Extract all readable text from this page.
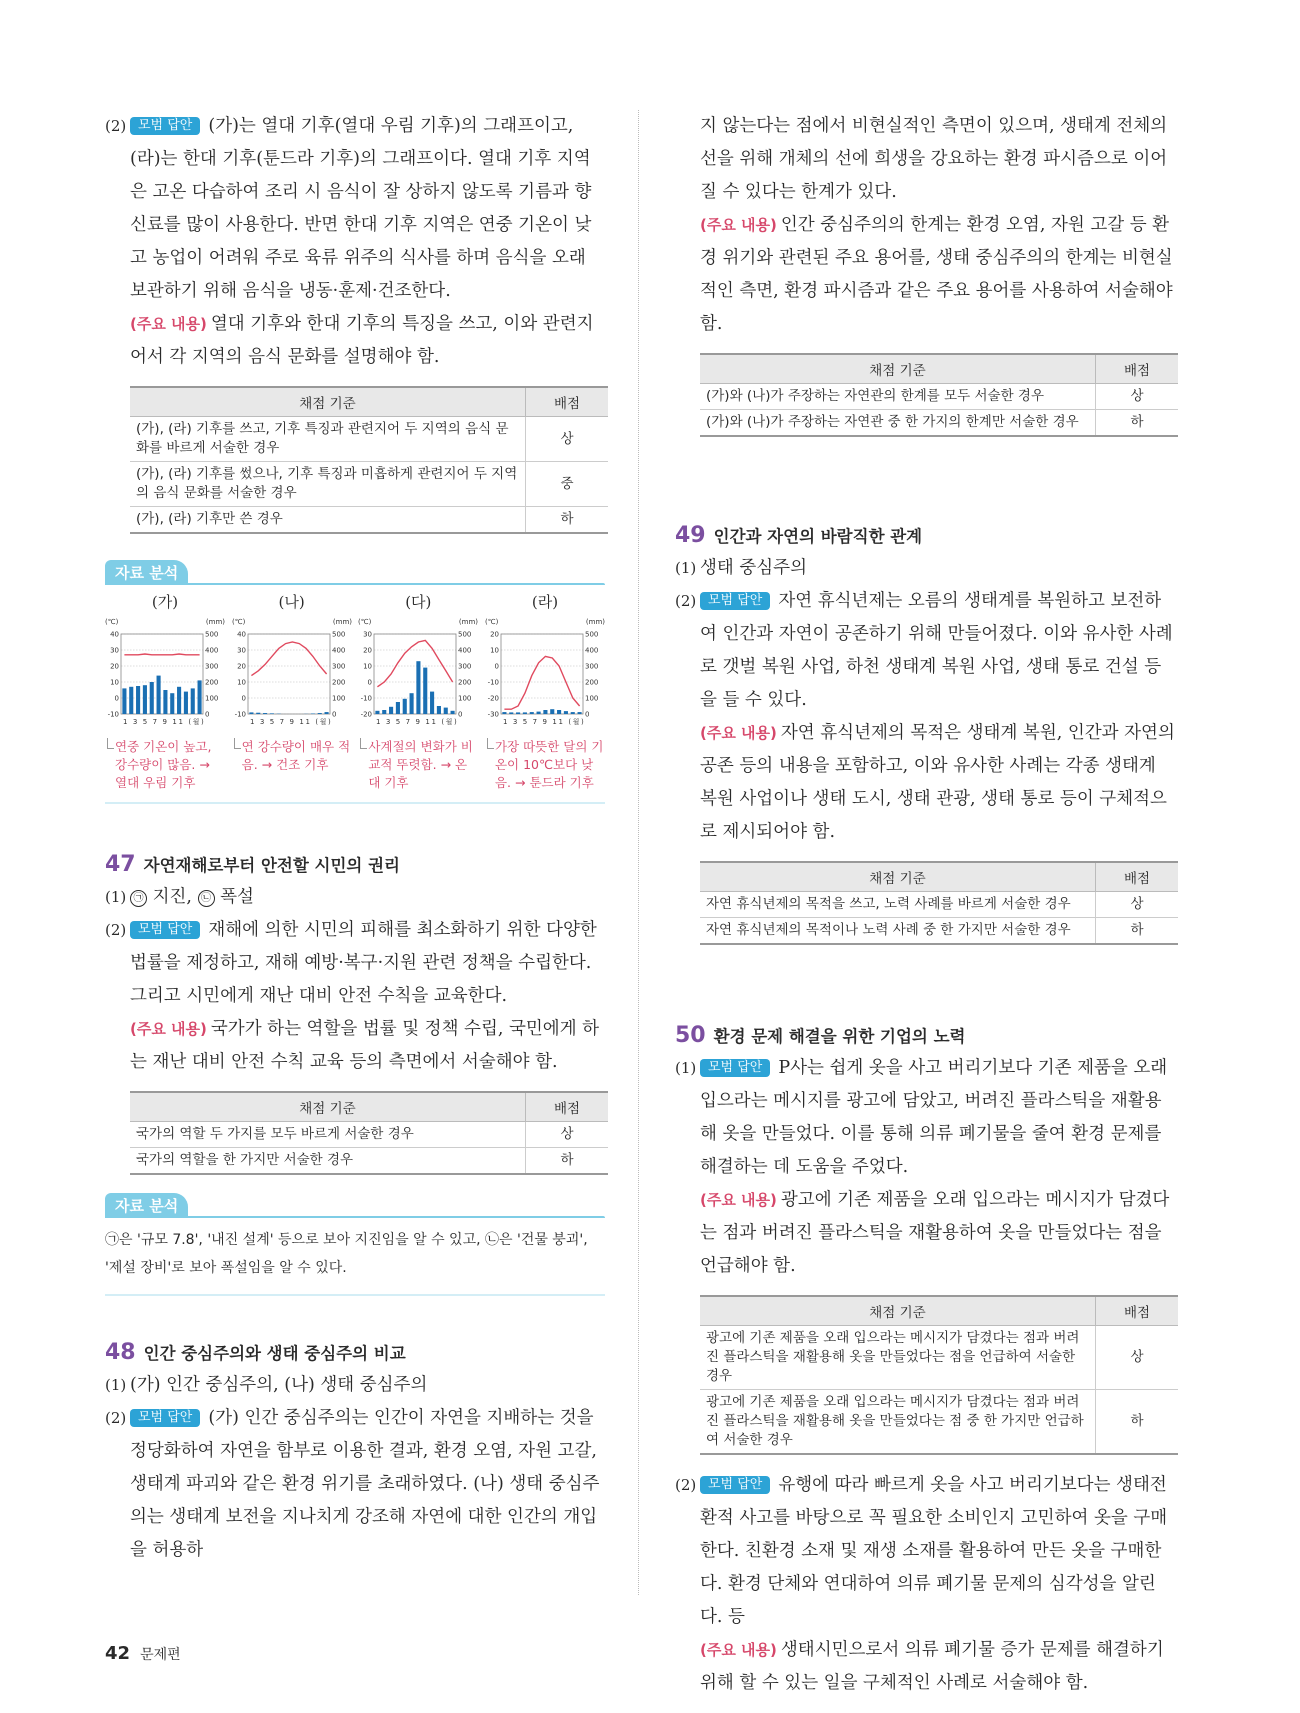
(2) 모범 답안 (가)는 열대 기후(열대 우림 기후)의 그래프이고, (라)는 한대 기후(툰드라 기후)의 그래프이다. 열대 기후 지역은 고온 다습하여 조리 시 음식이 잘 상하지 않도록 기름과 향신료를 많이 사용한다. 반면 한대 기후 지역은 연중 기온이 낮고 농업이 어려워 주로 육류 위주의 식사를 하며 음식을 오래 보관하기 위해 음식을 냉동·훈제·건조한다.

(주요 내용) 열대 기후와 한대 기후의 특징을 쓰고, 이와 관련지어서 각 지역의 음식 문화를 설명해야 함.

채점 기준	배점
(가), (라) 기후를 쓰고, 기후 특징과 관련지어 두 지역의 음식 문화를 바르게 서술한 경우	상
(가), (라) 기후를 썼으나, 기후 특징과 미흡하게 관련지어 두 지역의 음식 문화를 서술한 경우	중
(가), (라) 기후만 쓴 경우	하
자료 분석
(가)
(℃)	(mm)
40	500
30	400
20	300
10	200
0	100
-10	0
1 3 5 7 9 11 (월)
연중 기온이 높고, 강수량이 많음. → 열대 우림 기후
(나)
(℃)	(mm)
40	500
30	400
20	300
10	200
0	100
-10	0
1 3 5 7 9 11 (월)
연 강수량이 매우 적음. → 건조 기후
(다)
(℃)	(mm)
30	500
20	400
10	300
0	200
-10	100
-20	0
1 3 5 7 9 11 (월)
사계절의 변화가 비교적 뚜렷함. → 온대 기후
(라)
(℃)	(mm)
20	500
10	400
0	300
-10	200
-20	100
-30	0
1 3 5 7 9 11 (월)
가장 따뜻한 달의 기온이 10℃보다 낮음. → 툰드라 기후
47 자연재해로부터 안전할 시민의 권리

(1) ㉠ 지진, ㉡ 폭설

(2) 모범 답안 재해에 의한 시민의 피해를 최소화하기 위한 다양한 법률을 제정하고, 재해 예방·복구·지원 관련 정책을 수립한다. 그리고 시민에게 재난 대비 안전 수칙을 교육한다.

(주요 내용) 국가가 하는 역할을 법률 및 정책 수립, 국민에게 하는 재난 대비 안전 수칙 교육 등의 측면에서 서술해야 함.

채점 기준	배점
국가의 역할 두 가지를 모두 바르게 서술한 경우	상
국가의 역할을 한 가지만 서술한 경우	하
자료 분석
㉠은 '규모 7.8', '내진 설계' 등으로 보아 지진임을 알 수 있고, ㉡은 '건물 붕괴', '제설 장비'로 보아 폭설임을 알 수 있다.
48 인간 중심주의와 생태 중심주의 비교

(1) (가) 인간 중심주의, (나) 생태 중심주의

(2) 모범 답안 (가) 인간 중심주의는 인간이 자연을 지배하는 것을 정당화하여 자연을 함부로 이용한 결과, 환경 오염, 자원 고갈, 생태계 파괴와 같은 환경 위기를 초래하였다. (나) 생태 중심주의는 생태계 보전을 지나치게 강조해 자연에 대한 인간의 개입을 허용하

지 않는다는 점에서 비현실적인 측면이 있으며, 생태계 전체의 선을 위해 개체의 선에 희생을 강요하는 환경 파시즘으로 이어질 수 있다는 한계가 있다.

(주요 내용) 인간 중심주의의 한계는 환경 오염, 자원 고갈 등 환경 위기와 관련된 주요 용어를, 생태 중심주의의 한계는 비현실적인 측면, 환경 파시즘과 같은 주요 용어를 사용하여 서술해야 함.

채점 기준	배점
(가)와 (나)가 주장하는 자연관의 한계를 모두 서술한 경우	상
(가)와 (나)가 주장하는 자연관 중 한 가지의 한계만 서술한 경우	하
49 인간과 자연의 바람직한 관계

(1) 생태 중심주의

(2) 모범 답안 자연 휴식년제는 오름의 생태계를 복원하고 보전하여 인간과 자연이 공존하기 위해 만들어졌다. 이와 유사한 사례로 갯벌 복원 사업, 하천 생태계 복원 사업, 생태 통로 건설 등을 들 수 있다.

(주요 내용) 자연 휴식년제의 목적은 생태계 복원, 인간과 자연의 공존 등의 내용을 포함하고, 이와 유사한 사례는 각종 생태계 복원 사업이나 생태 도시, 생태 관광, 생태 통로 등이 구체적으로 제시되어야 함.

채점 기준	배점
자연 휴식년제의 목적을 쓰고, 노력 사례를 바르게 서술한 경우	상
자연 휴식년제의 목적이나 노력 사례 중 한 가지만 서술한 경우	하
50 환경 문제 해결을 위한 기업의 노력

(1) 모범 답안 P사는 쉽게 옷을 사고 버리기보다 기존 제품을 오래 입으라는 메시지를 광고에 담았고, 버려진 플라스틱을 재활용해 옷을 만들었다. 이를 통해 의류 폐기물을 줄여 환경 문제를 해결하는 데 도움을 주었다.

(주요 내용) 광고에 기존 제품을 오래 입으라는 메시지가 담겼다는 점과 버려진 플라스틱을 재활용하여 옷을 만들었다는 점을 언급해야 함.

채점 기준	배점
광고에 기존 제품을 오래 입으라는 메시지가 담겼다는 점과 버려진 플라스틱을 재활용해 옷을 만들었다는 점을 언급하여 서술한 경우	상
광고에 기존 제품을 오래 입으라는 메시지가 담겼다는 점과 버려진 플라스틱을 재활용해 옷을 만들었다는 점 중 한 가지만 언급하여 서술한 경우	하

(2) 모범 답안 유행에 따라 빠르게 옷을 사고 버리기보다는 생태전환적 사고를 바탕으로 꼭 필요한 소비인지 고민하여 옷을 구매한다. 친환경 소재 및 재생 소재를 활용하여 만든 옷을 구매한다. 환경 단체와 연대하여 의류 폐기물 문제의 심각성을 알린다. 등

(주요 내용) 생태시민으로서 의류 폐기물 증가 문제를 해결하기 위해 할 수 있는 일을 구체적인 사례로 서술해야 함.

42 문제편
